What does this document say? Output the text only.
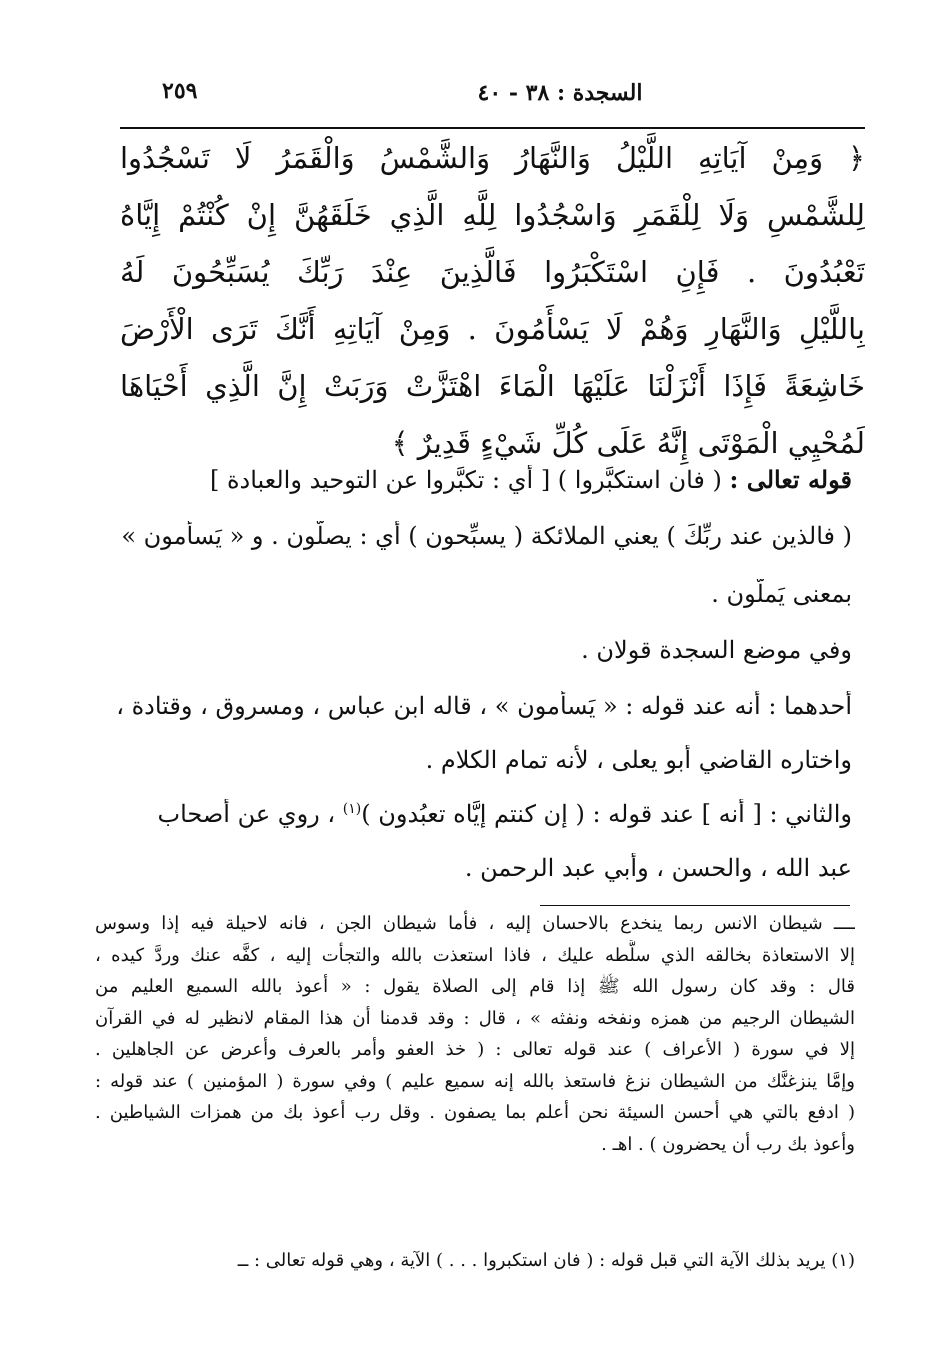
٢٥٩	السجدة : ٣٨ - ٤٠
﴿ وَمِنْ آيَاتِهِ اللَّيْلُ وَالنَّهَارُ وَالشَّمْسُ وَالْقَمَرُ لَا تَسْجُدُوا
لِلشَّمْسِ وَلَا لِلْقَمَرِ وَاسْجُدُوا لِلَّهِ الَّذِي خَلَقَهُنَّ إِنْ كُنْتُمْ إِيَّاهُ
تَعْبُدُونَ . فَإِنِ اسْتَكْبَرُوا فَالَّذِينَ عِنْدَ رَبِّكَ يُسَبِّحُونَ لَهُ
بِاللَّيْلِ وَالنَّهَارِ وَهُمْ لَا يَسْأَمُونَ . وَمِنْ آيَاتِهِ أَنَّكَ تَرَى الْأَرْضَ
خَاشِعَةً فَإِذَا أَنْزَلْنَا عَلَيْهَا الْمَاءَ اهْتَزَّتْ وَرَبَتْ إِنَّ الَّذِي أَحْيَاهَا
لَمُحْيِي الْمَوْتَى إِنَّهُ عَلَى كُلِّ شَيْءٍ قَدِيرٌ ﴾
قوله تعالى : ( فان استكبَّروا ) [ أي : تكبَّروا عن التوحيد والعبادة ]
( فالذين عند ربِّكَ ) يعني الملائكة ( يسبِّحون ) أي : يصلُّون . و « يَسأمون »
بمعنى يَملُّون .
وفي موضع السجدة قولان .
أحدهما : أنه عند قوله : « يَسأمون » ، قاله ابن عباس ، ومسروق ، وقتادة ،
واختاره القاضي أبو يعلى ، لأنه تمام الكلام .
والثاني : [ أنه ] عند قوله : ( إن كنتم إيَّاه تعبُدون )$^{(١)}$ ، روي عن أصحاب
عبد الله ، والحسن ، وأبي عبد الرحمن .
ــــ شيطان الانس ربما ينخدع بالاحسان إليه ، فأما شيطان الجن ، فانه لاحيلة فيه إذا وسوس
إلا الاستعاذة بخالقه الذي سلَّطه عليك ، فاذا استعذت بالله والتجأت إليه ، كفَّه عنك وردَّ كيده ،
قال : وقد كان رسول الله ﷺ إذا قام إلى الصلاة يقول : « أعوذ بالله السميع العليم من
الشيطان الرجيم من همزه ونفخه ونفثه » ، قال : وقد قدمنا أن هذا المقام لانظير له في القرآن
إلا في سورة ( الأعراف ) عند قوله تعالى : ( خذ العفو وأمر بالعرف وأعرض عن الجاهلين .
وإمَّا ينزغنَّك من الشيطان نزغ فاستعذ بالله إنه سميع عليم ) وفي سورة ( المؤمنين ) عند قوله :
( ادفع بالتي هي أحسن السيئة نحن أعلم بما يصفون . وقل رب أعوذ بك من همزات الشياطين .
وأعوذ بك رب أن يحضرون ) . اهـ .
(١) يريد بذلك الآية التي قبل قوله : ( فان استكبروا . . . ) الآية ، وهي قوله تعالى : ــ
